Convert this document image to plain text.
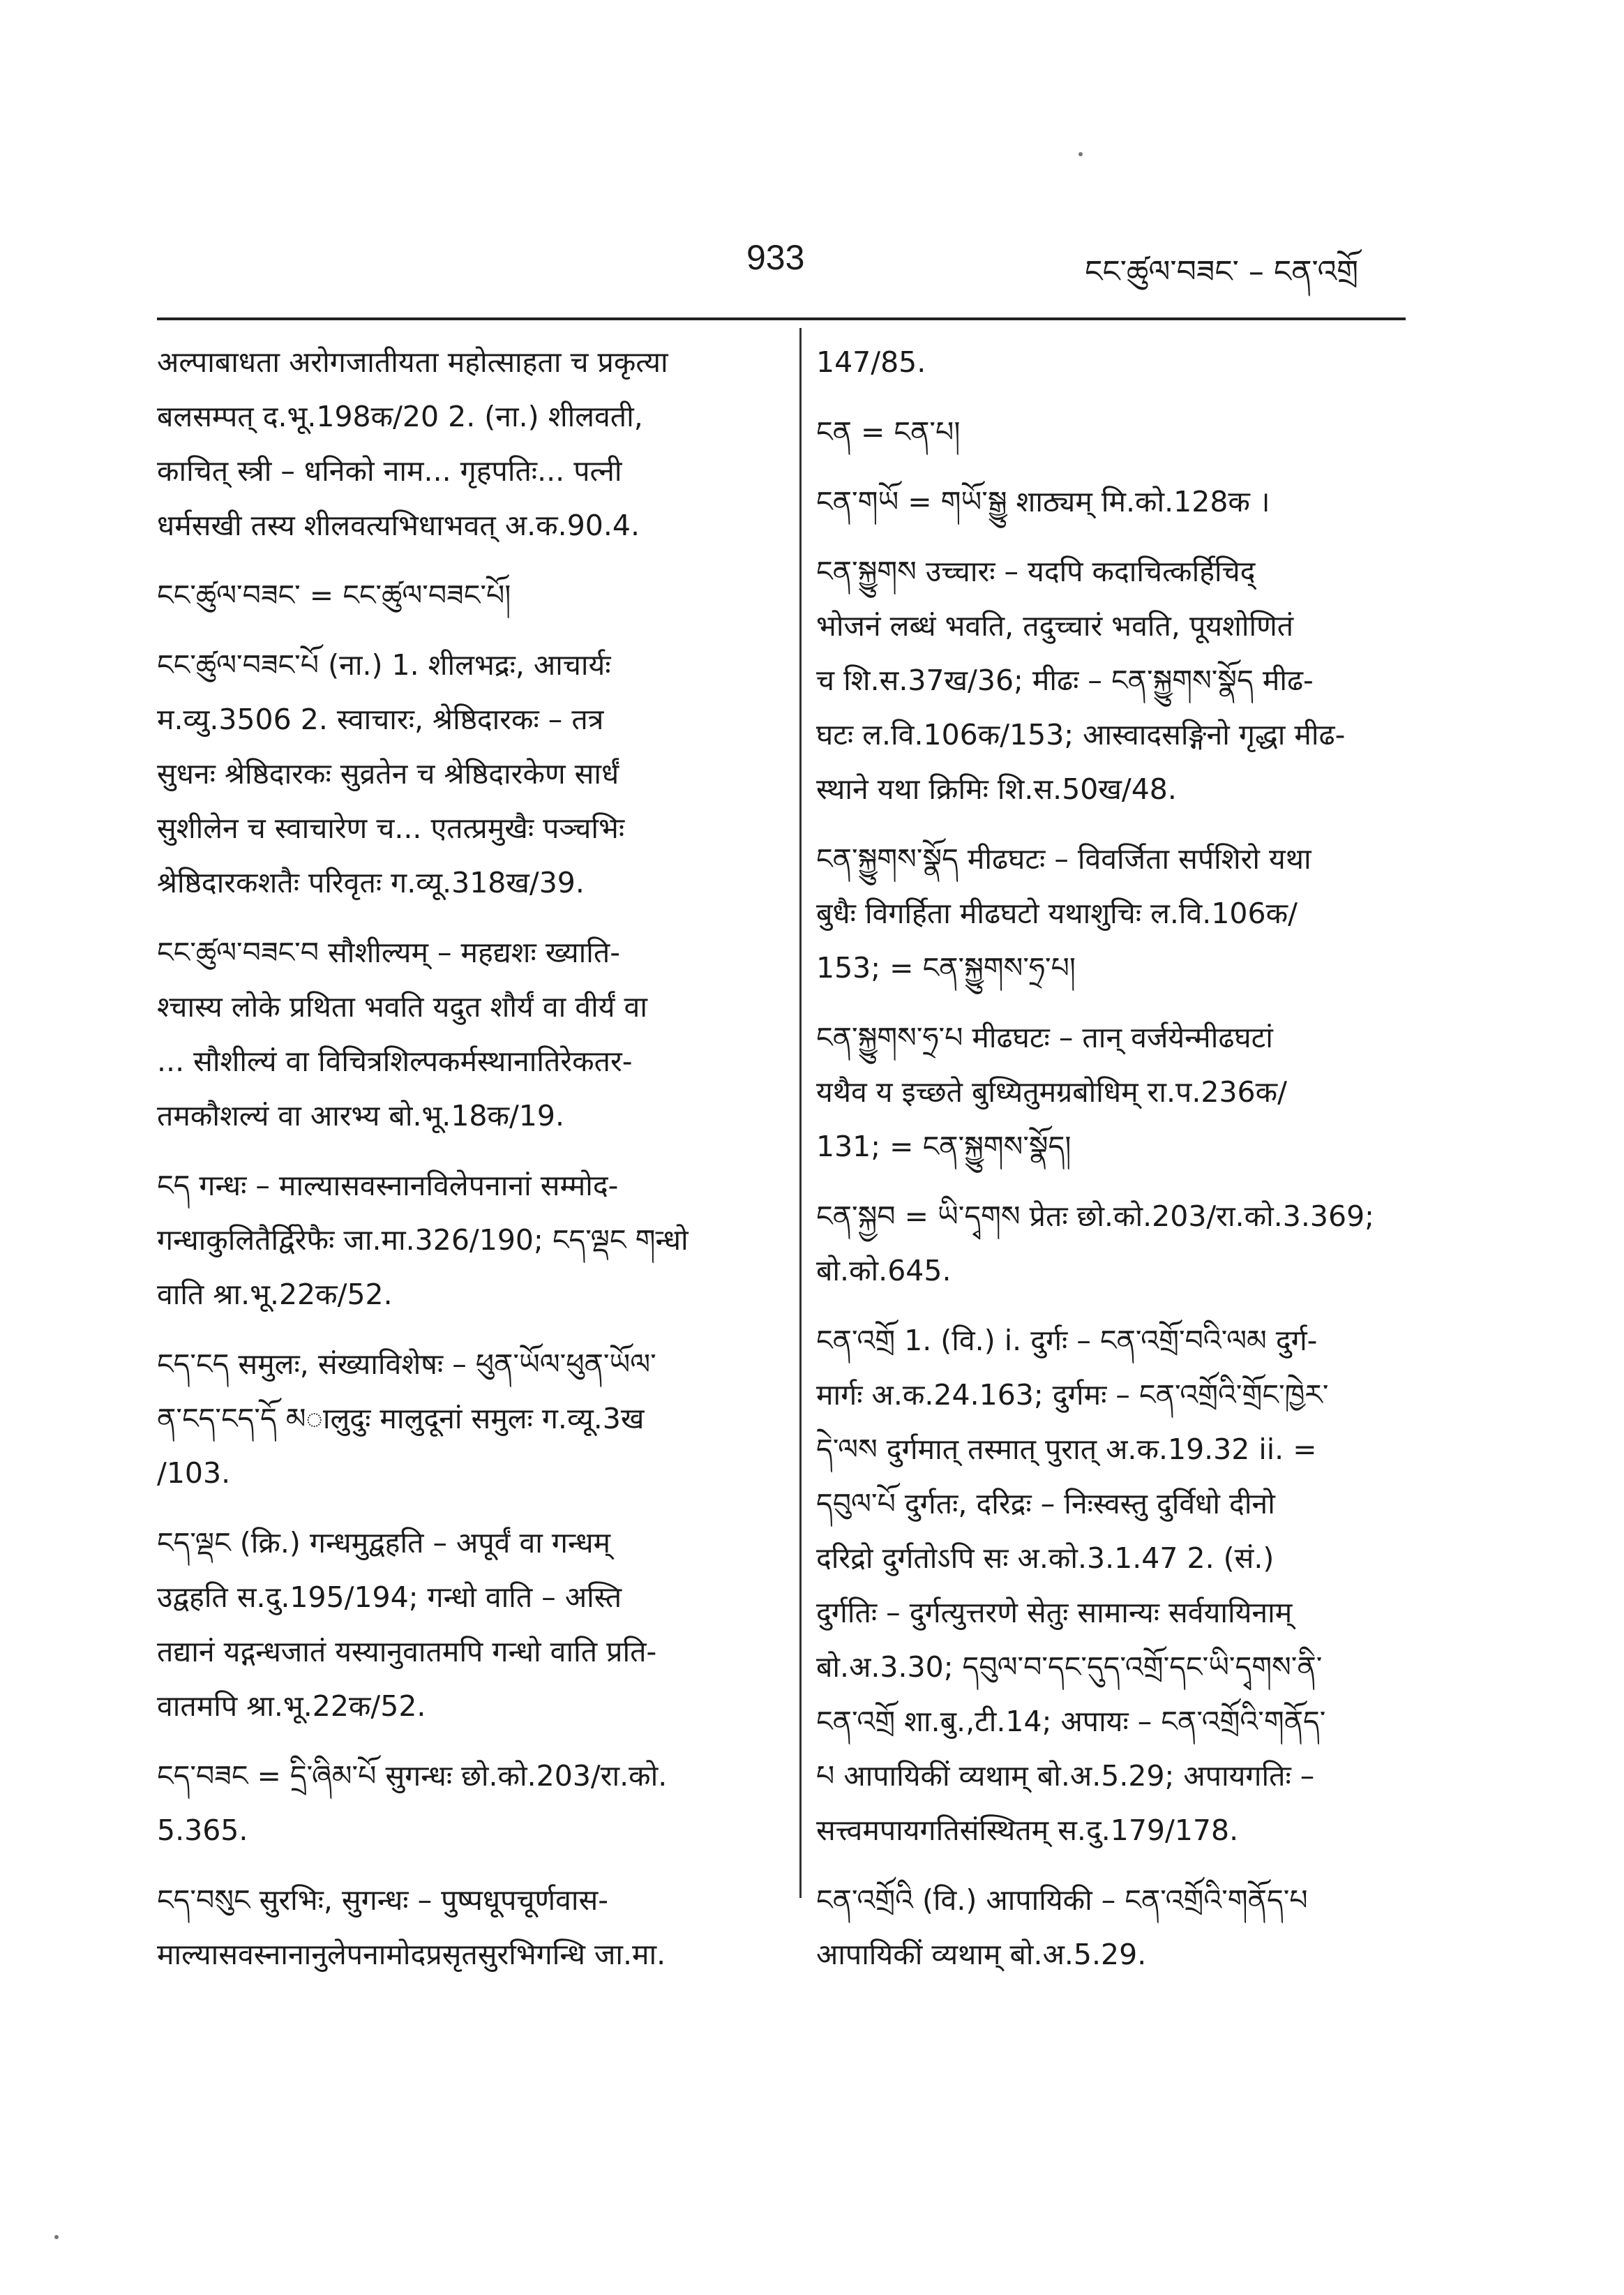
933	ངང་ཚུལ་བཟང་ – ངན་འགྲོ

अल्पाबाधता अरोगजातीयता महोत्साहता च प्रकृत्या

बलसम्पत् द.भू.198क/20 2. (ना.) शीलवती,

काचित् स्त्री – धनिको नाम... गृहपतिः... पत्नी

धर्मसखी तस्य शीलवत्यभिधाभवत् अ.क.90.4.

ངང་ཚུལ་བཟང་ = ངང་ཚུལ་བཟང་པོ།

ངང་ཚུལ་བཟང་པོ (ना.) 1. शीलभद्रः, आचार्यः

म.व्यु.3506 2. स्वाचारः, श्रेष्ठिदारकः – तत्र

सुधनः श्रेष्ठिदारकः सुव्रतेन च श्रेष्ठिदारकेण सार्धं

सुशीलेन च स्वाचारेण च... एतत्प्रमुखैः पञ्चभिः

श्रेष्ठिदारकशतैः परिवृतः ग.व्यू.318ख/39.

ངང་ཚུལ་བཟང་བ सौशील्यम् – महद्यशः ख्याति-

श्चास्य लोके प्रथिता भवति यदुत शौर्यं वा वीर्यं वा

... सौशील्यं वा विचित्रशिल्पकर्मस्थानातिरेकतर-

तमकौशल्यं वा आरभ्य बो.भू.18क/19.

ངད गन्धः – माल्यासवस्नानविलेपनानां सम्मोद-

गन्धाकुलितैर्द्विरेफैः जा.मा.326/190; ངད་ལྡང གन्धो

वाति श्रा.भू.22क/52.

ངད་ངད समुलः, संख्याविशेषः – ཕུན་ཡོལ་ཕུན་ཡོལ་

ན་ངད་ངད་དོ མालुदुः मालुदूनां समुलः ग.व्यू.3ख

/103.

ངད་ལྡང (क्रि.) गन्धमुद्वहति – अपूर्वं वा गन्धम्

उद्वहति स.दु.195/194; गन्धो वाति – अस्ति

तद्यानं यद्गन्धजातं यस्यानुवातमपि गन्धो वाति प्रति-

वातमपि श्रा.भू.22क/52.

ངད་བཟང = དྲི་ཞིམ་པོ सुगन्धः छो.को.203/रा.को.

5.365.

ངད་བསུང सुरभिः, सुगन्धः – पुष्पधूपचूर्णवास-

माल्यासवस्नानानुलेपनामोदप्रसृतसुरभिगन्धि जा.मा.

147/85.

ངན = ངན་པ།

ངན་གཡོ = གཡོ་སྒྱུ शाठ्यम् मि.को.128क ।

ངན་སྐྱུགས उच्चारः – यदपि कदाचित्कर्हिचिद्

भोजनं लब्धं भवति, तदुच्चारं भवति, पूयशोणितं

च शि.स.37ख/36; मीढः – ངན་སྐྱུགས་སྣོད मीढ-

घटः ल.वि.106क/153; आस्वादसङ्गिनो गृद्धा मीढ-

स्थाने यथा क्रिमिः शि.स.50ख/48.

ངན་སྐྱུགས་སྣོད मीढघटः – विवर्जिता सर्पशिरो यथा

बुधैः विगर्हिता मीढघटो यथाशुचिः ल.वि.106क/

153; = ངན་སྐྱུགས་ཧྲ་པ།

ངན་སྐྱུགས་ཧྲ་པ मीढघटः – तान् वर्जयेन्मीढघटां

यथैव य इच्छते बुध्यितुमग्रबोधिम् रा.प.236क/

131; = ངན་སྐྱུགས་སྣོད།

ངན་སྐྱབ = ཡི་དྭགས प्रेतः छो.को.203/रा.को.3.369;

बो.को.645.

ངན་འགྲོ 1. (वि.) i. दुर्गः – ངན་འགྲོ་བའི་ལམ दुर्ग-

मार्गः अ.क.24.163; दुर्गमः – ངན་འགྲོའི་གྲོང་ཁྱེར་

དེ་ལས दुर्गमात् तस्मात् पुरात् अ.क.19.32 ii. =

དབུལ་པོ दुर्गतः, दरिद्रः – निःस्वस्तु दुर्विधो दीनो

दरिद्रो दुर्गतोऽपि सः अ.को.3.1.47 2. (सं.)

दुर्गतिः – दुर्गत्युत्तरणे सेतुः सामान्यः सर्वयायिनाम्

बो.अ.3.30; དབུལ་བ་དང་དུད་འགྲོ་དང་ཡི་དྭགས་ནི་

ངན་འགྲོ शा.बु.,टी.14; अपायः – ངན་འགྲོའི་གནོད་

པ आपायिकीं व्यथाम् बो.अ.5.29; अपायगतिः –

सत्त्वमपायगतिसंस्थितम् स.दु.179/178.

ངན་འགྲོའི (वि.) आपायिकी – ངན་འགྲོའི་གནོད་པ

आपायिकीं व्यथाम् बो.अ.5.29.
